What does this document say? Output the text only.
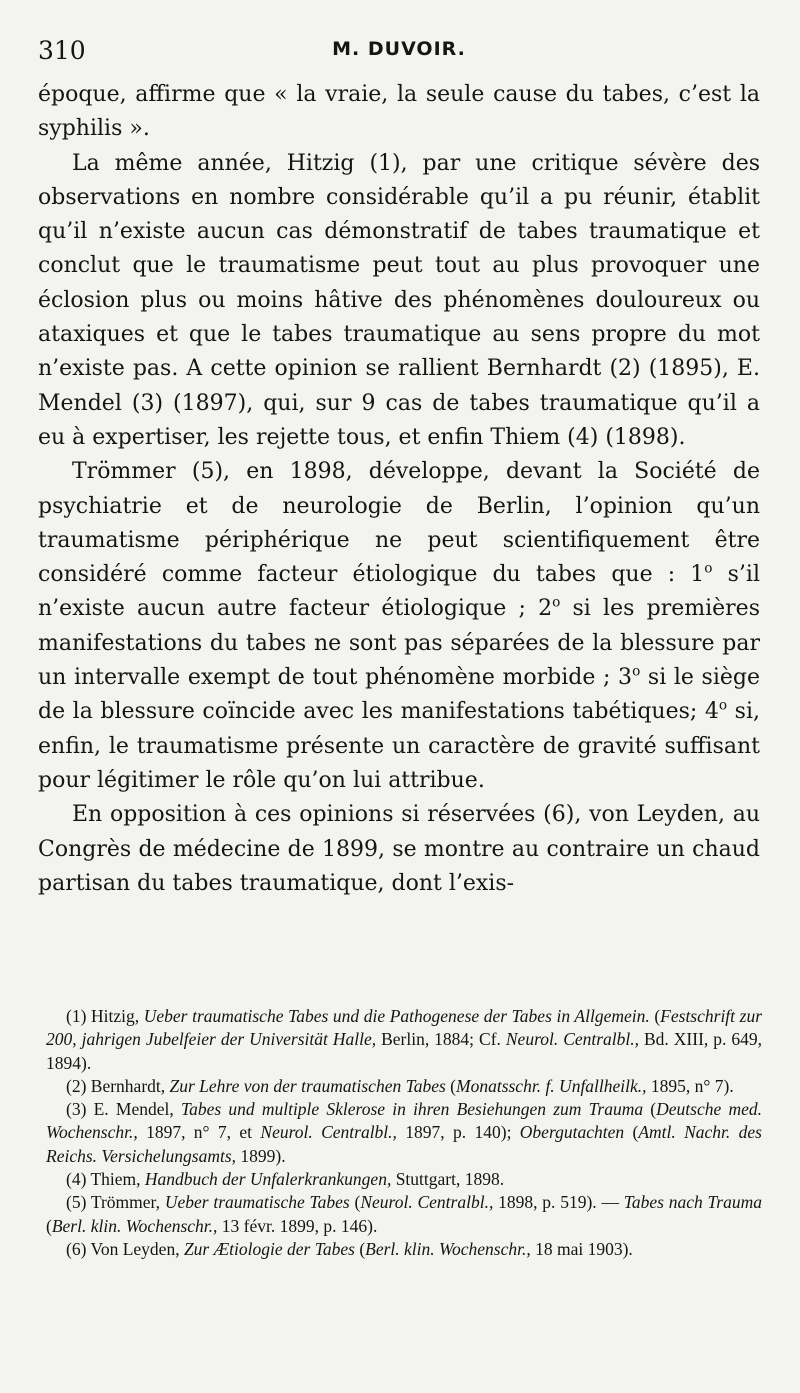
310	M. DUVOIR.

époque, affirme que « la vraie, la seule cause du tabes, c’est la syphilis ».

La même année, Hitzig (1), par une critique sévère des observations en nombre considérable qu’il a pu réunir, établit qu’il n’existe aucun cas démonstratif de tabes traumatique et conclut que le traumatisme peut tout au plus provoquer une éclosion plus ou moins hâtive des phénomènes douloureux ou ataxiques et que le tabes traumatique au sens propre du mot n’existe pas. A cette opinion se rallient Bernhardt (2) (1895), E. Mendel (3) (1897), qui, sur 9 cas de tabes traumatique qu’il a eu à expertiser, les rejette tous, et enfin Thiem (4) (1898).

Trömmer (5), en 1898, développe, devant la Société de psychiatrie et de neurologie de Berlin, l’opinion qu’un traumatisme périphérique ne peut scientifiquement être considéré comme facteur étiologique du tabes que : 1$^o$ s’il n’existe aucun autre facteur étiologique ; 2$^o$ si les premières manifestations du tabes ne sont pas séparées de la blessure par un intervalle exempt de tout phénomène morbide ; 3$^o$ si le siège de la blessure coïncide avec les manifestations tabétiques; 4$^o$ si, enfin, le traumatisme présente un caractère de gravité suffisant pour légitimer le rôle qu’on lui attribue.

En opposition à ces opinions si réservées (6), von Leyden, au Congrès de médecine de 1899, se montre au contraire un chaud partisan du tabes traumatique, dont l’exis-

(1) Hitzig, Ueber traumatische Tabes und die Pathogenese der Tabes in Allgemein. (Festschrift zur 200, jahrigen Jubelfeier der Universität Halle, Berlin, 1884; Cf. Neurol. Centralbl., Bd. XIII, p. 649, 1894).

(2) Bernhardt, Zur Lehre von der traumatischen Tabes (Monatsschr. f. Unfallheilk., 1895, n° 7).

(3) E. Mendel, Tabes und multiple Sklerose in ihren Besiehungen zum Trauma (Deutsche med. Wochenschr., 1897, n° 7, et Neurol. Centralbl., 1897, p. 140); Obergutachten (Amtl. Nachr. des Reichs. Versichelungsamts, 1899).

(4) Thiem, Handbuch der Unfalerkrankungen, Stuttgart, 1898.

(5) Trömmer, Ueber traumatische Tabes (Neurol. Centralbl., 1898, p. 519). — Tabes nach Trauma (Berl. klin. Wochenschr., 13 févr. 1899, p. 146).

(6) Von Leyden, Zur Ætiologie der Tabes (Berl. klin. Wochenschr., 18 mai 1903).
